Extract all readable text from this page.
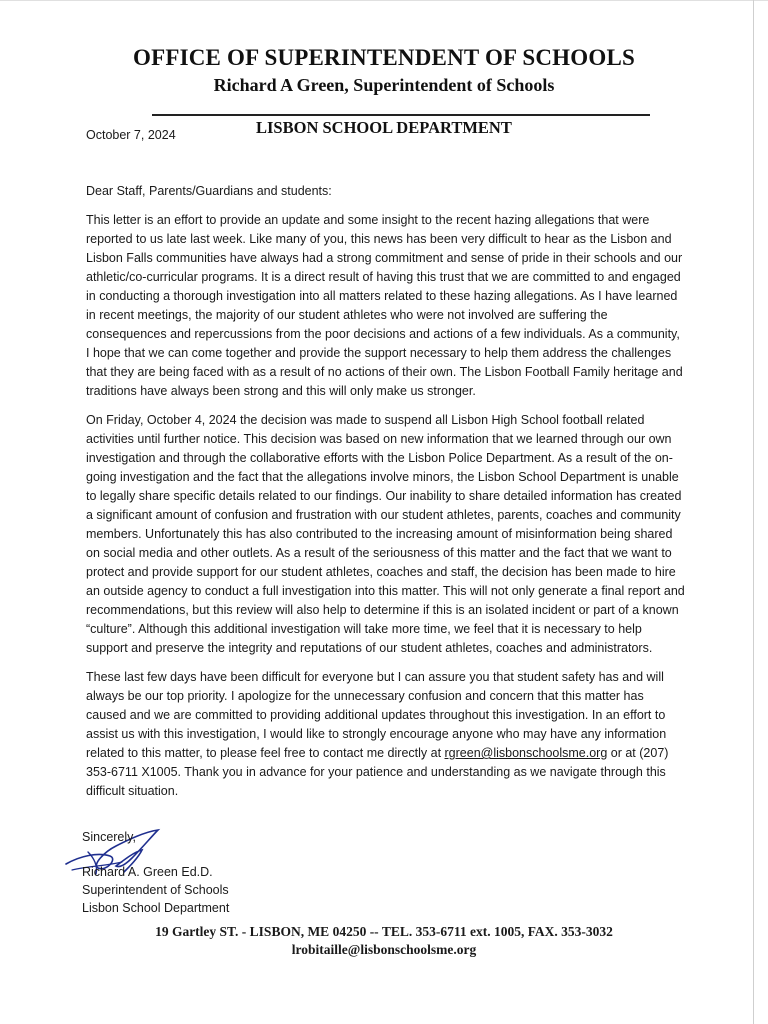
OFFICE OF SUPERINTENDENT OF SCHOOLS
Richard A Green, Superintendent of Schools
LISBON SCHOOL DEPARTMENT
October 7, 2024

Dear Staff, Parents/Guardians and students:

This letter is an effort to provide an update and some insight to the recent hazing allegations that were reported to us late last week. Like many of you, this news has been very difficult to hear as the Lisbon and Lisbon Falls communities have always had a strong commitment and sense of pride in their schools and our athletic/co-curricular programs. It is a direct result of having this trust that we are committed to and engaged in conducting a thorough investigation into all matters related to these hazing allegations. As I have learned in recent meetings, the majority of our student athletes who were not involved are suffering the consequences and repercussions from the poor decisions and actions of a few individuals. As a community, I hope that we can come together and provide the support necessary to help them address the challenges that they are being faced with as a result of no actions of their own. The Lisbon Football Family heritage and traditions have always been strong and this will only make us stronger.

On Friday, October 4, 2024 the decision was made to suspend all Lisbon High School football related activities until further notice. This decision was based on new information that we learned through our own investigation and through the collaborative efforts with the Lisbon Police Department. As a result of the on-going investigation and the fact that the allegations involve minors, the Lisbon School Department is unable to legally share specific details related to our findings. Our inability to share detailed information has created a significant amount of confusion and frustration with our student athletes, parents, coaches and community members. Unfortunately this has also contributed to the increasing amount of misinformation being shared on social media and other outlets. As a result of the seriousness of this matter and the fact that we want to protect and provide support for our student athletes, coaches and staff, the decision has been made to hire an outside agency to conduct a full investigation into this matter. This will not only generate a final report and recommendations, but this review will also help to determine if this is an isolated incident or part of a known “culture”. Although this additional investigation will take more time, we feel that it is necessary to help support and preserve the integrity and reputations of our student athletes, coaches and administrators.

These last few days have been difficult for everyone but I can assure you that student safety has and will always be our top priority. I apologize for the unnecessary confusion and concern that this matter has caused and we are committed to providing additional updates throughout this investigation. In an effort to assist us with this investigation, I would like to strongly encourage anyone who may have any information related to this matter, to please feel free to contact me directly at rgreen@lisbonschoolsme.org or at (207) 353-6711 X1005. Thank you in advance for your patience and understanding as we navigate through this difficult situation.

Sincerely,
Richard A. Green Ed.D.
Superintendent of Schools
Lisbon School Department
19 Gartley ST. - LISBON, ME 04250 -- TEL. 353-6711 ext. 1005, FAX. 353-3032
lrobitaille@lisbonschoolsme.org
